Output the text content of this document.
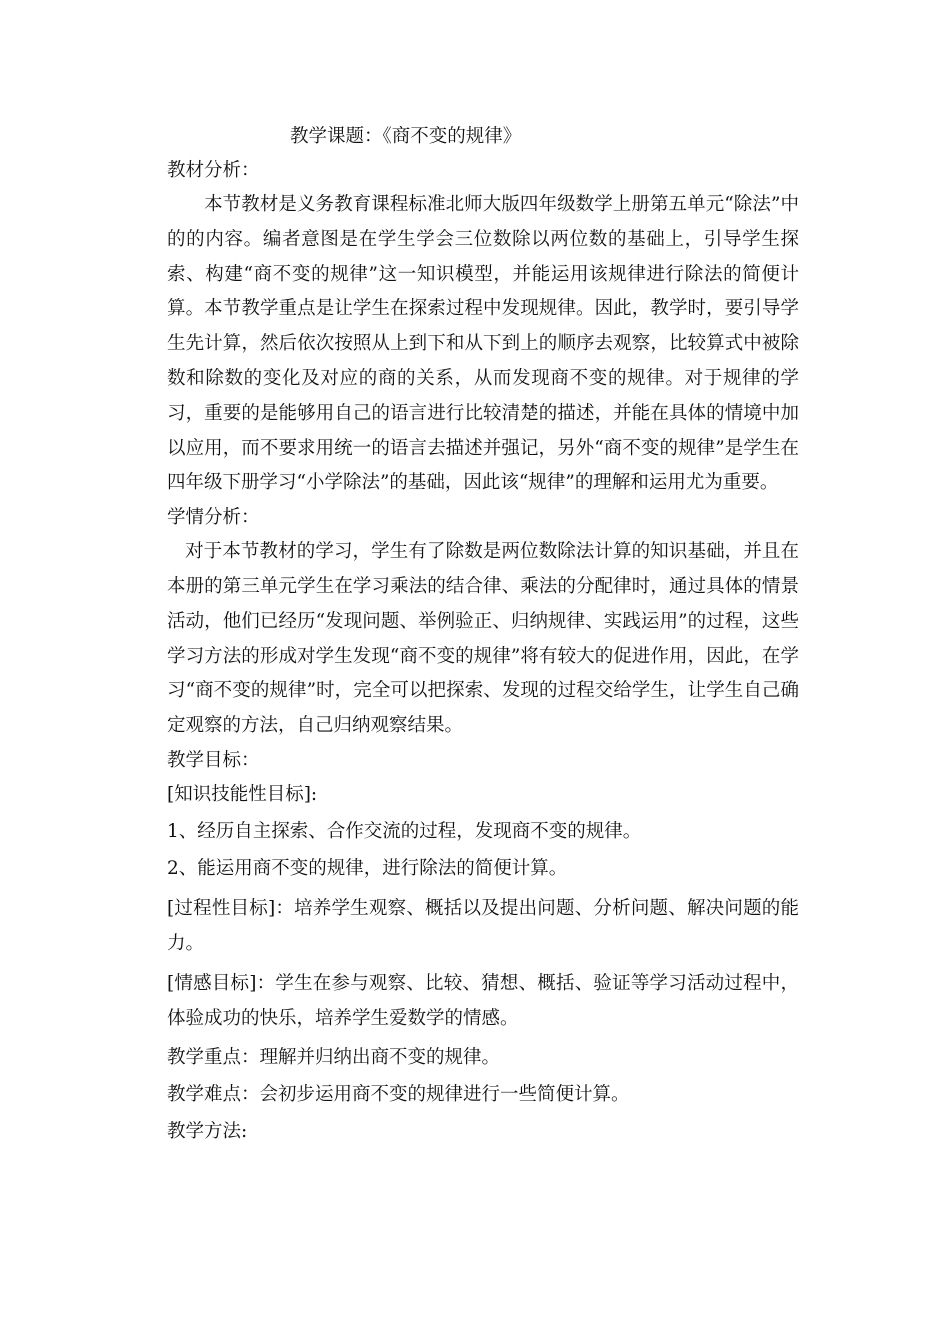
教学课题：《商不变的规律》

教材分析：

本节教材是义务教育课程标准北师大版四年级数学上册第五单元“除法”中的的内容。编者意图是在学生学会三位数除以两位数的基础上，引导学生探索、构建“商不变的规律”这一知识模型，并能运用该规律进行除法的简便计算。本节教学重点是让学生在探索过程中发现规律。因此，教学时，要引导学生先计算，然后依次按照从上到下和从下到上的顺序去观察，比较算式中被除数和除数的变化及对应的商的关系，从而发现商不变的规律。对于规律的学习，重要的是能够用自己的语言进行比较清楚的描述，并能在具体的情境中加以应用，而不要求用统一的语言去描述并强记，另外“商不变的规律”是学生在四年级下册学习“小学除法”的基础，因此该“规律”的理解和运用尤为重要。

学情分析：

对于本节教材的学习，学生有了除数是两位数除法计算的知识基础，并且在本册的第三单元学生在学习乘法的结合律、乘法的分配律时，通过具体的情景活动，他们已经历“发现问题、举例验正、归纳规律、实践运用”的过程，这些学习方法的形成对学生发现“商不变的规律”将有较大的促进作用，因此，在学习“商不变的规律”时，完全可以把探索、发现的过程交给学生，让学生自己确定观察的方法，自己归纳观察结果。

教学目标：

[知识技能性目标]:

1、经历自主探索、合作交流的过程，发现商不变的规律。

2、能运用商不变的规律，进行除法的简便计算。

[过程性目标]：培养学生观察、概括以及提出问题、分析问题、解决问题的能力。

[情感目标]：学生在参与观察、比较、猜想、概括、验证等学习活动过程中，体验成功的快乐，培养学生爱数学的情感。

教学重点：理解并归纳出商不变的规律。

教学难点：会初步运用商不变的规律进行一些简便计算。

教学方法:
